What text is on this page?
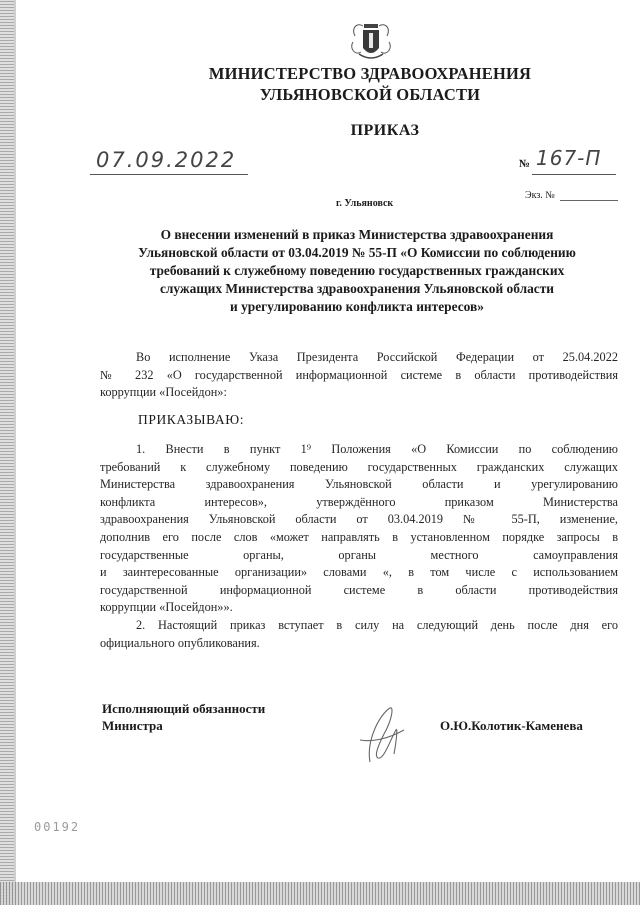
МИНИСТЕРСТВО ЗДРАВООХРАНЕНИЯ
УЛЬЯНОВСКОЙ ОБЛАСТИ
ПРИКАЗ
07.09.2022	№ 167-П
Экз. №
г. Ульяновск
О внесении изменений в приказ Министерства здравоохранения
Ульяновской области от 03.04.2019 № 55-П «О Комиссии по соблюдению
требований к служебному поведению государственных гражданских
служащих Министерства здравоохранения Ульяновской области
и урегулированию конфликта интересов»
Во исполнение Указа Президента Российской Федерации от 25.04.2022
№ 232 «О государственной информационной системе в области противодействия
коррупции «Посейдон»:
ПРИКАЗЫВАЮ:
1. Внести в пункт 1⁹ Положения «О Комиссии по соблюдению
требований к служебному поведению государственных гражданских служащих
Министерства здравоохранения Ульяновской области и урегулированию
конфликта интересов», утверждённого приказом Министерства
здравоохранения Ульяновской области от 03.04.2019 № 55-П, изменение,
дополнив его после слов «может направлять в установленном порядке запросы в
государственные органы, органы местного самоуправления
и заинтересованные организации» словами «, в том числе с использованием
государственной информационной системе в области противодействия
коррупции «Посейдон»».
2. Настоящий приказ вступает в силу на следующий день после дня его
официального опубликования.
Исполняющий обязанности
Министра	О.Ю.Колотик-Каменева
00192
